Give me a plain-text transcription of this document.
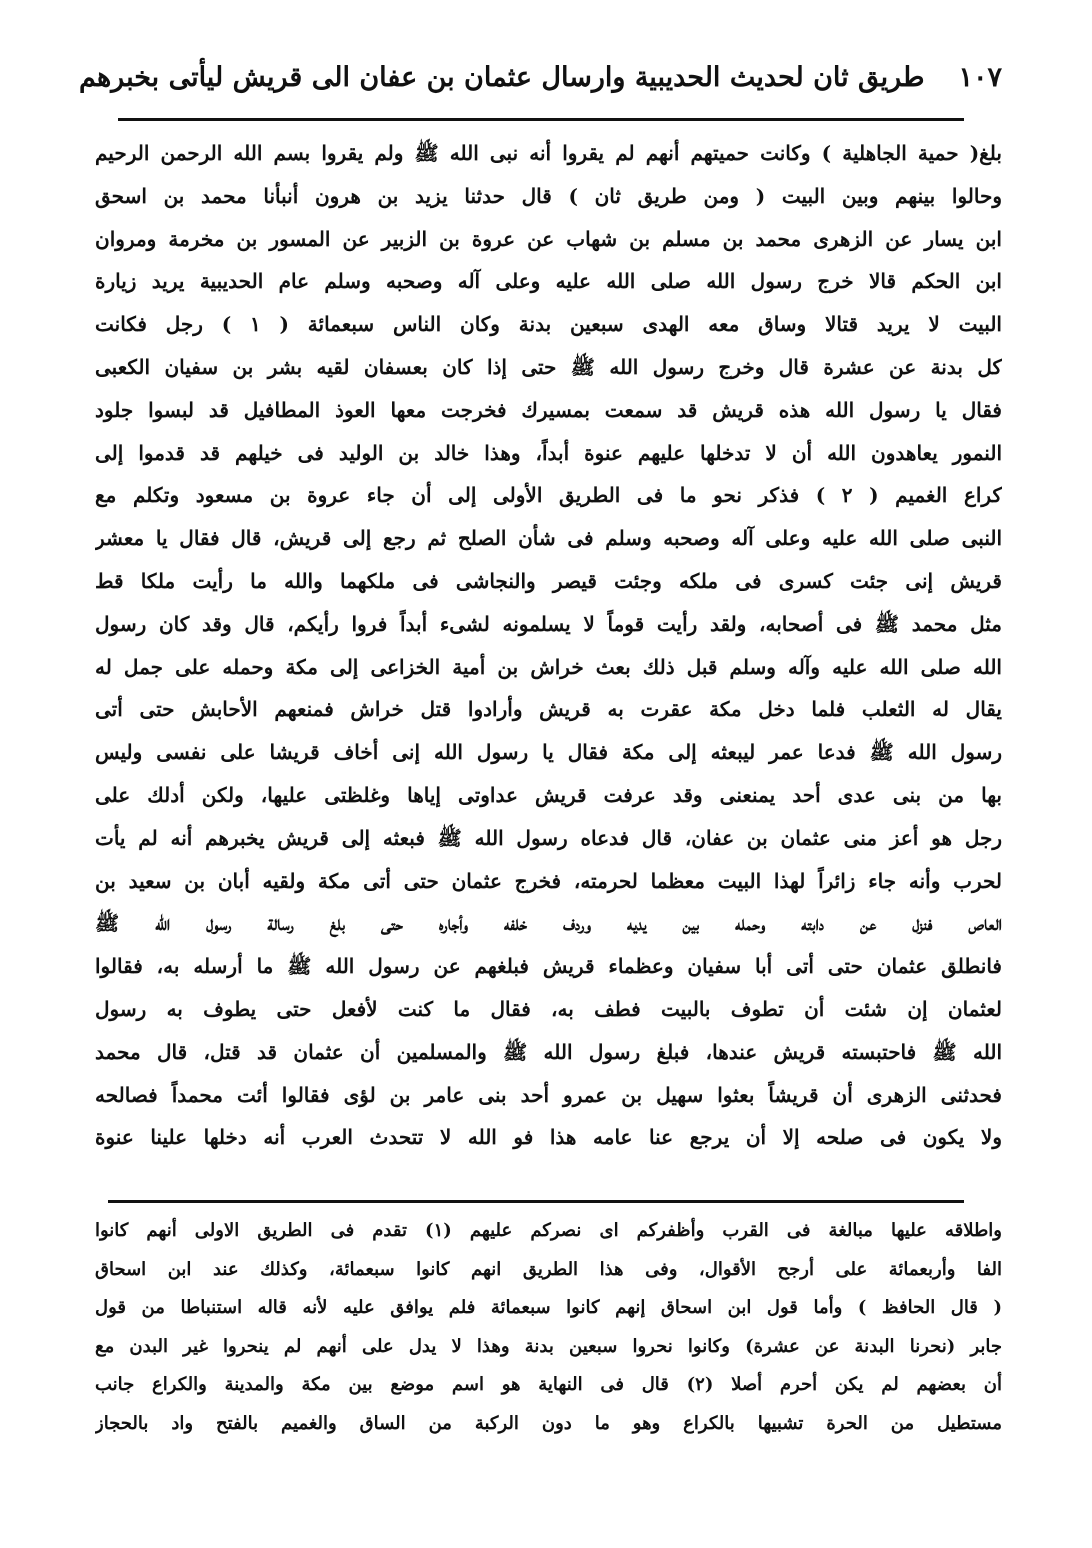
١٠٧
طريق ثان لحديث الحديبية وارسال عثمان بن عفان الى قريش ليأتى بخبرهم
بلغ( حمية الجاهلية ) وكانت حميتهم أنهم لم يقروا أنه نبى الله ﷺ ولم يقروا بسم الله الرحمن الرحيم
وحالوا بينهم وبين البيت ( ومن طريق ثان ) قال حدثنا يزيد بن هرون أنبأنا محمد بن اسحق
ابن يسار عن الزهرى محمد بن مسلم بن شهاب عن عروة بن الزبير عن المسور بن مخرمة ومروان
ابن الحكم قالا خرج رسول الله صلى الله عليه وعلى آله وصحبه وسلم عام الحديبية يريد زيارة
البيت لا يريد قتالا وساق معه الهدى سبعين بدنة وكان الناس سبعمائة ( ١ ) رجل فكانت
كل بدنة عن عشرة قال وخرج رسول الله ﷺ حتى إذا كان بعسفان لقيه بشر بن سفيان الكعبى
فقال يا رسول الله هذه قريش قد سمعت بمسيرك فخرجت معها العوذ المطافيل قد لبسوا جلود
النمور يعاهدون الله أن لا تدخلها عليهم عنوة أبداً، وهذا خالد بن الوليد فى خيلهم قد قدموا إلى
كراع الغميم ( ٢ ) فذكر نحو ما فى الطريق الأولى إلى أن جاء عروة بن مسعود وتكلم مع
النبى صلى الله عليه وعلى آله وصحبه وسلم فى شأن الصلح ثم رجع إلى قريش، قال فقال يا معشر
قريش إنى جئت كسرى فى ملكه وجئت قيصر والنجاشى فى ملكهما والله ما رأيت ملكا قط
مثل محمد ﷺ فى أصحابه، ولقد رأيت قوماً لا يسلمونه لشىء أبداً فروا رأيكم، قال وقد كان رسول
الله صلى الله عليه وآله وسلم قبل ذلك بعث خراش بن أمية الخزاعى إلى مكة وحمله على جمل له
يقال له الثعلب فلما دخل مكة عقرت به قريش وأرادوا قتل خراش فمنعهم الأحابش حتى أتى
رسول الله ﷺ فدعا عمر ليبعثه إلى مكة فقال يا رسول الله إنى أخاف قريشا على نفسى وليس
بها من بنى عدى أحد يمنعنى وقد عرفت قريش عداوتى إياها وغلظتى عليها، ولكن أدلك على
رجل هو أعز منى عثمان بن عفان، قال فدعاه رسول الله ﷺ فبعثه إلى قريش يخبرهم أنه لم يأت
لحرب وأنه جاء زائراً لهذا البيت معظما لحرمته، فخرج عثمان حتى أتى مكة ولقيه أبان بن سعيد بن
العاص فنزل عن دابته وحمله بين يديه وردف خلفه وأجاره حتى بلغ رسالة رسول الله ﷺ
فانطلق عثمان حتى أتى أبا سفيان وعظماء قريش فبلغهم عن رسول الله ﷺ ما أرسله به، فقالوا
لعثمان إن شئت أن تطوف بالبيت فطف به، فقال ما كنت لأفعل حتى يطوف به رسول
الله ﷺ فاحتبسته قريش عندها، فبلغ رسول الله ﷺ والمسلمين أن عثمان قد قتل، قال محمد
فحدثنى الزهرى أن قريشاً بعثوا سهيل بن عمرو أحد بنى عامر بن لؤى فقالوا أئت محمداً فصالحه
ولا يكون فى صلحه إلا أن يرجع عنا عامه هذا فو الله لا تتحدث العرب أنه دخلها علينا عنوة
واطلاقه عليها مبالغة فى القرب وأظفركم اى نصركم عليهم (١) تقدم فى الطريق الاولى أنهم كانوا
الفا وأربعمائة على أرجح الأقوال، وفى هذا الطريق انهم كانوا سبعمائة، وكذلك عند ابن اسحاق
( قال الحافظ ) وأما قول ابن اسحاق إنهم كانوا سبعمائة فلم يوافق عليه لأنه قاله استنباطا من قول
جابر (نحرنا البدنة عن عشرة) وكانوا نحروا سبعين بدنة وهذا لا يدل على أنهم لم ينحروا غير البدن مع
أن بعضهم لم يكن أحرم أصلا (٢) قال فى النهاية هو اسم موضع بين مكة والمدينة والكراع جانب
مستطيل من الحرة تشبيها بالكراع وهو ما دون الركبة من الساق والغميم بالفتح واد بالحجاز
